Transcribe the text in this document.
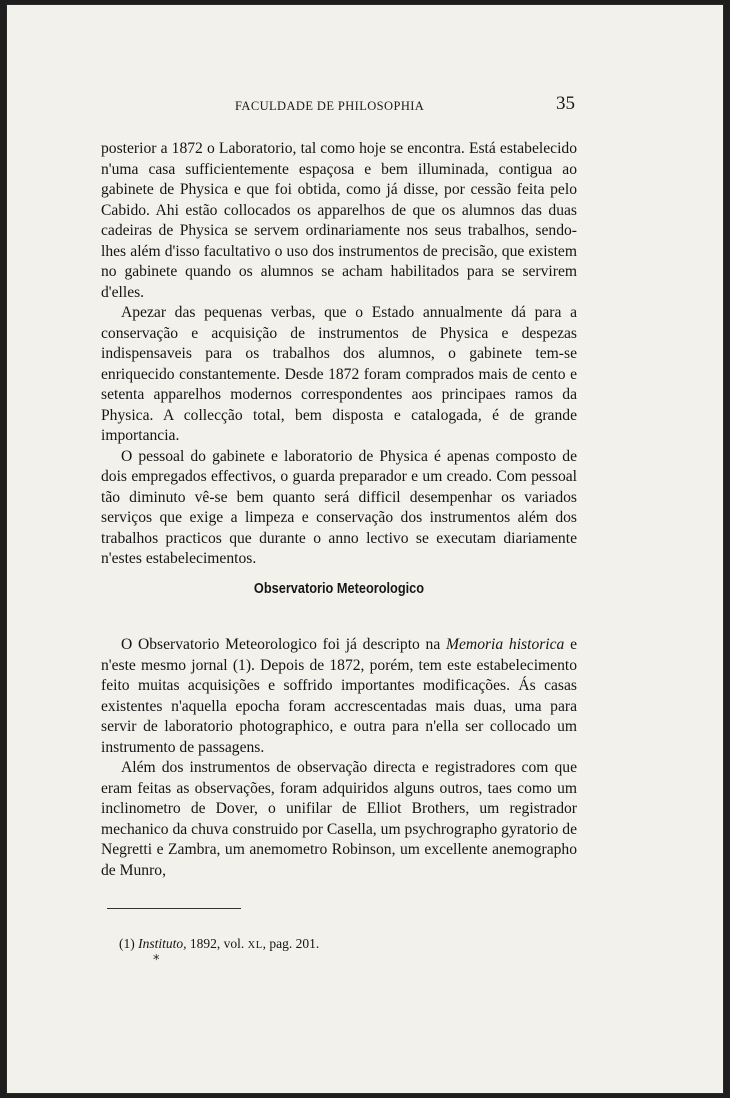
FACULDADE DE PHILOSOPHIA	35

posterior a 1872 o Laboratorio, tal como hoje se encontra. Está estabelecido n'uma casa sufficientemente espaçosa e bem illuminada, contigua ao gabinete de Physica e que foi obtida, como já disse, por cessão feita pelo Cabido. Ahi estão collocados os apparelhos de que os alumnos das duas cadeiras de Physica se servem ordinariamente nos seus trabalhos, sendo-lhes além d'isso facultativo o uso dos instrumentos de precisão, que existem no gabinete quando os alumnos se acham habilitados para se servirem d'elles.

Apezar das pequenas verbas, que o Estado annualmente dá para a conservação e acquisição de instrumentos de Physica e despezas indispensaveis para os trabalhos dos alumnos, o gabinete tem-se enriquecido constantemente. Desde 1872 foram comprados mais de cento e setenta apparelhos modernos correspondentes aos principaes ramos da Physica. A collecção total, bem disposta e catalogada, é de grande importancia.

O pessoal do gabinete e laboratorio de Physica é apenas composto de dois empregados effectivos, o guarda preparador e um creado. Com pessoal tão diminuto vê-se bem quanto será difficil desempenhar os variados serviços que exige a limpeza e conservação dos instrumentos além dos trabalhos practicos que durante o anno lectivo se executam diariamente n'estes estabelecimentos.

Observatorio Meteorologico

O Observatorio Meteorologico foi já descripto na Memoria historica e n'este mesmo jornal (1). Depois de 1872, porém, tem este estabelecimento feito muitas acquisições e soffrido importantes modificações. Ás casas existentes n'aquella epocha foram accrescentadas mais duas, uma para servir de laboratorio photographico, e outra para n'ella ser collocado um instrumento de passagens.

Além dos instrumentos de observação directa e registradores com que eram feitas as observações, foram adquiridos alguns outros, taes como um inclinometro de Dover, o unifilar de Elliot Brothers, um registrador mechanico da chuva construido por Casella, um psychrographo gyratorio de Negretti e Zambra, um anemometro Robinson, um excellente anemographo de Munro,

(1) Instituto, 1892, vol. XL, pag. 201.
*
